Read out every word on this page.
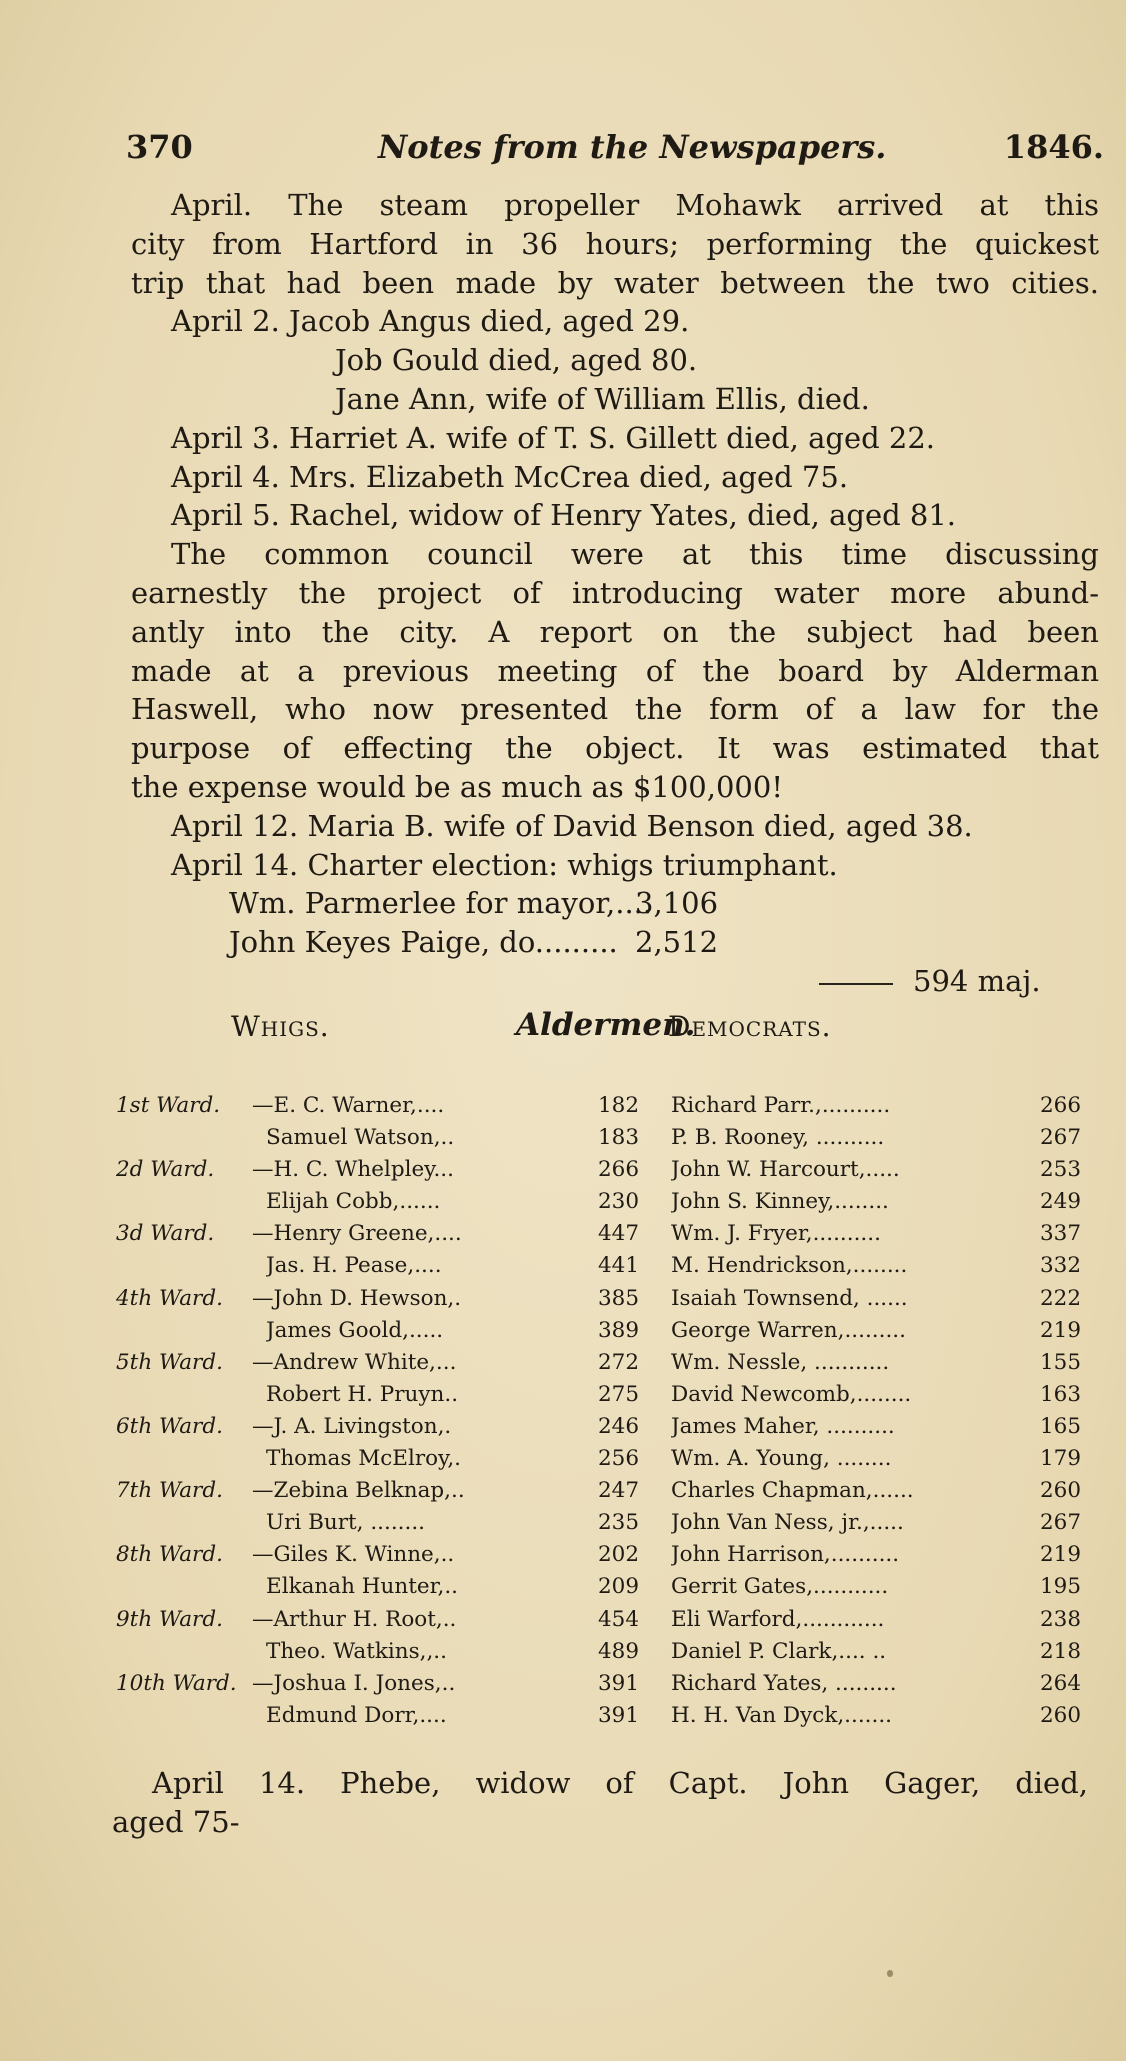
370	Notes from the Newspapers.	1846.
April. The steam propeller Mohawk arrived at this
city from Hartford in 36 hours; performing the quickest
trip that had been made by water between the two cities.
April 2. Jacob Angus died, aged 29.
Job Gould died, aged 80.
Jane Ann, wife of William Ellis, died.
April 3. Harriet A. wife of T. S. Gillett died, aged 22.
April 4. Mrs. Elizabeth McCrea died, aged 75.
April 5. Rachel, widow of Henry Yates, died, aged 81.
The common council were at this time discussing
earnestly the project of introducing water more abund-
antly into the city. A report on the subject had been
made at a previous meeting of the board by Alderman
Haswell, who now presented the form of a law for the
purpose of effecting the object. It was estimated that
the expense would be as much as $100,000!
April 12. Maria B. wife of David Benson died, aged 38.
April 14. Charter election: whigs triumphant.
Wm. Parmerlee for mayor,....3,106
John Keyes Paige, do......... 2,512
594 maj.
Whigs.	Aldermen.
Democrats.
1st Ward. —E. C. Warner,....	182 Richard Parr.,..........	266
Samuel Watson,..	183 P. B. Rooney, ..........	267
2d Ward. —H. C. Whelpley...	266 John W. Harcourt,.....	253
Elijah Cobb,......	230 John S. Kinney,........	249
3d Ward. —Henry Greene,....	447 Wm. J. Fryer,..........	337
Jas. H. Pease,....	441 M. Hendrickson,........	332
4th Ward. —John D. Hewson,.	385 Isaiah Townsend, ......	222
James Goold,.....	389 George Warren,.........	219
5th Ward. —Andrew White,...	272 Wm. Nessle, ...........	155
Robert H. Pruyn..	275 David Newcomb,........	163
6th Ward. —J. A. Livingston,.	246 James Maher, ..........	165
Thomas McElroy,.	256 Wm. A. Young, ........	179
7th Ward. —Zebina Belknap,..	247 Charles Chapman,......	260
Uri Burt, ........	235 John Van Ness, jr.,.....	267
8th Ward. —Giles K. Winne,..	202 John Harrison,..........	219
Elkanah Hunter,..	209 Gerrit Gates,...........	195
9th Ward. —Arthur H. Root,..	454 Eli Warford,............	238
Theo. Watkins,,..	489 Daniel P. Clark,.... ..	218
10th Ward. —Joshua I. Jones,..	391 Richard Yates, .........	264
Edmund Dorr,....	391 H. H. Van Dyck,.......	260
April 14. Phebe, widow of Capt. John Gager, died,
aged 75-
